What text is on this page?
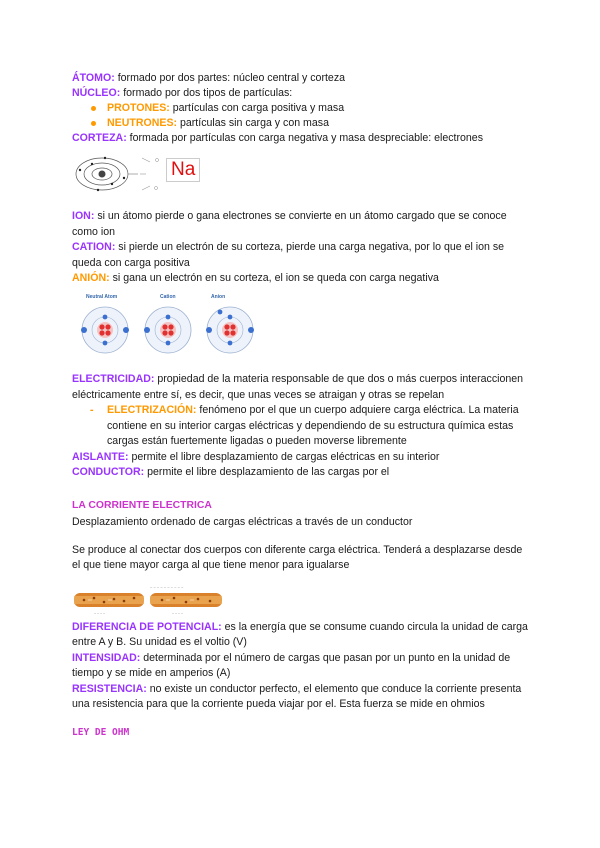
ÁTOMO: formado por dos partes: núcleo central y corteza

NÚCLEO: formado por dos tipos de partículas:

PROTONES: partículas con carga positiva y masa
NEUTRONES: partículas sin carga y con masa

CORTEZA: formada por partículas con carga negativa y masa despreciable: electrones

Na

ION: si un átomo pierde o gana electrones se convierte en un átomo cargado que se conoce como ion

CATION: si pierde un electrón de su corteza, pierde una carga negativa, por lo que el ion se queda con carga positiva

ANIÓN: si gana un electrón en su corteza, el ion se queda con carga negativa

Neutral Atom	Cation	Anion

ELECTRICIDAD: propiedad de la materia responsable de que dos o más cuerpos interaccionen eléctricamente entre sí, es decir, que unas veces se atraigan y otras se repelan

- ELECTRIZACIÓN: fenómeno por el que un cuerpo adquiere carga eléctrica. La materia contiene en su interior cargas eléctricas y dependiendo de su estructura química estas cargas están fuertemente ligadas o pueden moverse libremente

AISLANTE: permite el libre desplazamiento de cargas eléctricas en su interior

CONDUCTOR: permite el libre desplazamiento de las cargas por el

LA CORRIENTE ELECTRICA

Desplazamiento ordenado de cargas eléctricas a través de un conductor

Se produce al conectar dos cuerpos con diferente carga eléctrica. Tenderá a desplazarse desde el que tiene mayor carga al que tiene menor para igualarse

~ ~ ~ ~ ~ ~ ~ ~ ~ ~
~ ~ ~ ~	~ ~ ~ ~

DIFERENCIA DE POTENCIAL: es la energía que se consume cuando circula la unidad de carga entre A y B. Su unidad es el voltio (V)

INTENSIDAD: determinada por el número de cargas que pasan por un punto en la unidad de tiempo y se mide en amperios (A)

RESISTENCIA: no existe un conductor perfecto, el elemento que conduce la corriente presenta una resistencia para que la corriente pueda viajar por el. Esta fuerza se mide en ohmios

LEY DE OHM
